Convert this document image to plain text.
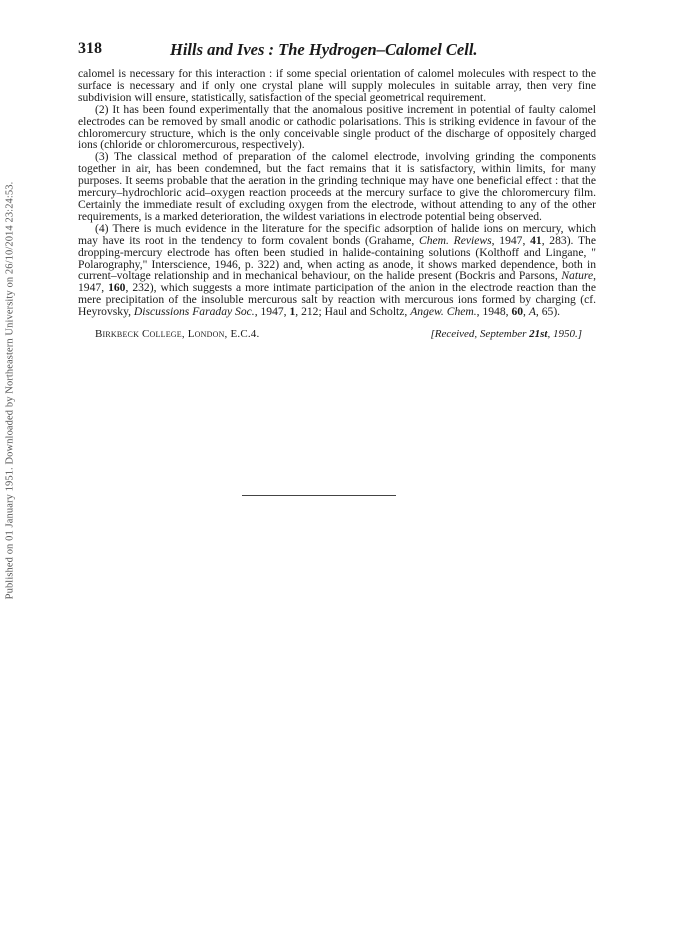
Published on 01 January 1951. Downloaded by Northeastern University on 26/10/2014 23:24:53.
318	Hills and Ives : The Hydrogen–Calomel Cell.

calomel is necessary for this interaction : if some special orientation of calomel molecules with respect to the surface is necessary and if only one crystal plane will supply molecules in suitable array, then very fine subdivision will ensure, statistically, satisfaction of the special geometrical requirement.

(2) It has been found experimentally that the anomalous positive increment in potential of faulty calomel electrodes can be removed by small anodic or cathodic polarisations. This is striking evidence in favour of the chloromercury structure, which is the only conceivable single product of the discharge of oppositely charged ions (chloride or chloromercurous, respectively).

(3) The classical method of preparation of the calomel electrode, involving grinding the components together in air, has been condemned, but the fact remains that it is satisfactory, within limits, for many purposes. It seems probable that the aeration in the grinding technique may have one beneficial effect : that the mercury–hydrochloric acid–oxygen reaction proceeds at the mercury surface to give the chloromercury film. Certainly the immediate result of excluding oxygen from the electrode, without attending to any of the other requirements, is a marked deterioration, the wildest variations in electrode potential being observed.

(4) There is much evidence in the literature for the specific adsorption of halide ions on mercury, which may have its root in the tendency to form covalent bonds (Grahame, Chem. Reviews, 1947, 41, 283). The dropping-mercury electrode has often been studied in halide-containing solutions (Kolthoff and Lingane, " Polarography," Interscience, 1946, p. 322) and, when acting as anode, it shows marked dependence, both in current–voltage relationship and in mechanical behaviour, on the halide present (Bockris and Parsons, Nature, 1947, 160, 232), which suggests a more intimate participation of the anion in the electrode reaction than the mere precipitation of the insoluble mercurous salt by reaction with mercurous ions formed by charging (cf. Heyrovsky, Discussions Faraday Soc., 1947, 1, 212; Haul and Scholtz, Angew. Chem., 1948, 60, A, 65).

Birkbeck College, London, E.C.4.	[Received, September 21st, 1950.]
